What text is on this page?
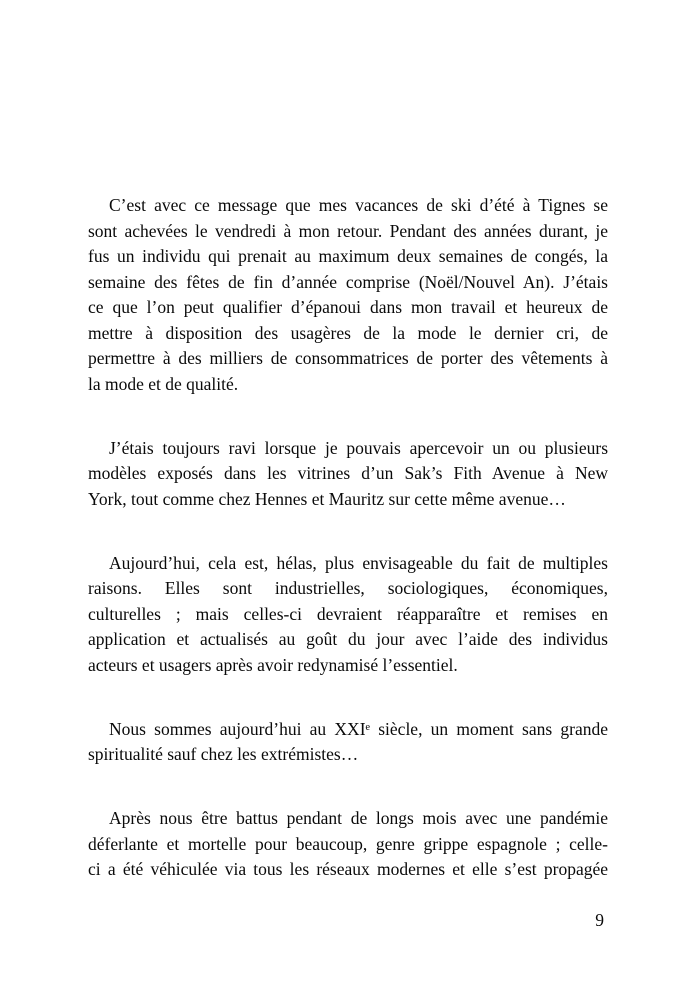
C’est avec ce message que mes vacances de ski d’été à Tignes se
sont achevées le vendredi à mon retour. Pendant des années durant, je
fus un individu qui prenait au maximum deux semaines de congés, la
semaine des fêtes de fin d’année comprise (Noël/Nouvel An). J’étais
ce que l’on peut qualifier d’épanoui dans mon travail et heureux de
mettre à disposition des usagères de la mode le dernier cri, de
permettre à des milliers de consommatrices de porter des vêtements à
la mode et de qualité.
J’étais toujours ravi lorsque je pouvais apercevoir un ou plusieurs
modèles exposés dans les vitrines d’un Sak’s Fith Avenue à New
York, tout comme chez Hennes et Mauritz sur cette même avenue…
Aujourd’hui, cela est, hélas, plus envisageable du fait de multiples
raisons. Elles sont industrielles, sociologiques, économiques,
culturelles ; mais celles-ci devraient réapparaître et remises en
application et actualisés au goût du jour avec l’aide des individus
acteurs et usagers après avoir redynamisé l’essentiel.
Nous sommes aujourd’hui au XXIᵉ siècle, un moment sans grande
spiritualité sauf chez les extrémistes…
Après nous être battus pendant de longs mois avec une pandémie
déferlante et mortelle pour beaucoup, genre grippe espagnole ; celle-
ci a été véhiculée via tous les réseaux modernes et elle s’est propagée
9
